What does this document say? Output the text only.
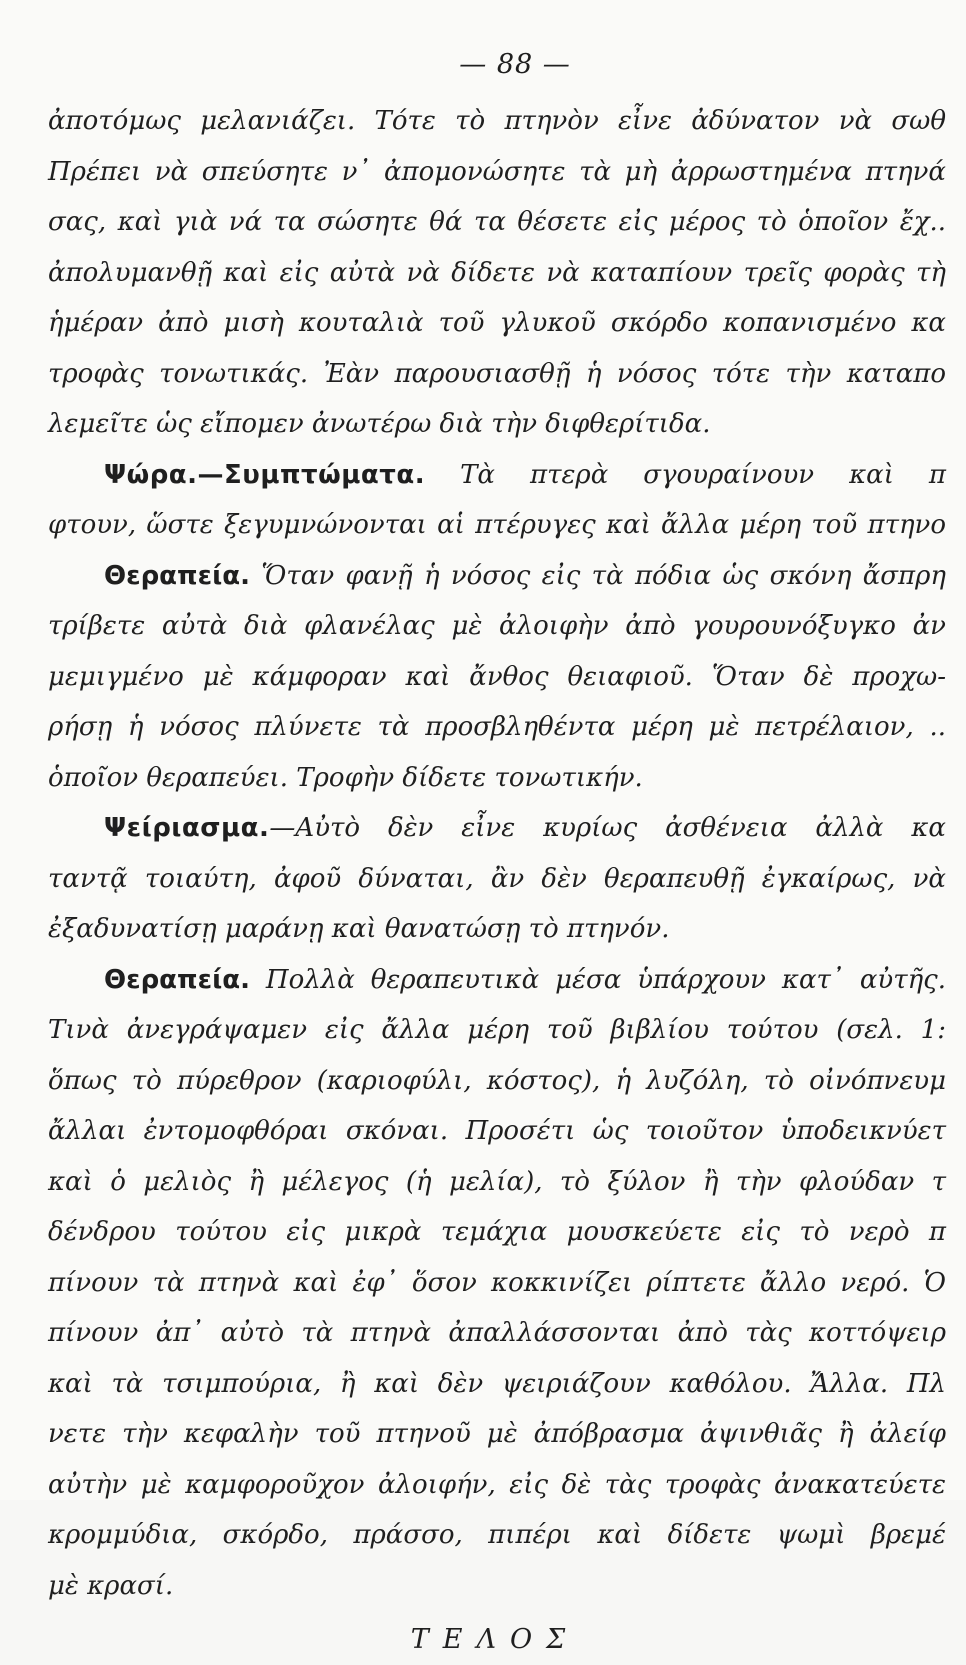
— 88 —
ἀποτόμως μελανιάζει. Τότε τὸ πτηνὸν εἶνε ἀδύνατον νὰ σωθ
Πρέπει νὰ σπεύσητε ν᾿ ἀπομονώσητε τὰ μὴ ἀρρωστημένα πτηνά
σας, καὶ γιὰ νά τα σώσητε θά τα θέσετε εἰς μέρος τὸ ὁποῖον ἔχ..
ἀπολυμανθῇ καὶ εἰς αὐτὰ νὰ δίδετε νὰ καταπίουν τρεῖς φορὰς τὴ
ἡμέραν ἀπὸ μισὴ κουταλιὰ τοῦ γλυκοῦ σκόρδο κοπανισμένο κα
τροφὰς τονωτικάς. Ἐὰν παρουσιασθῇ ἡ νόσος τότε τὴν καταπο
λεμεῖτε ὡς εἴπομεν ἀνωτέρω διὰ τὴν διφθερίτιδα.
Ψώρα.—Συμπτώματα. Τὰ πτερὰ σγουραίνουν καὶ π
φτουν, ὥστε ξεγυμνώνονται αἱ πτέρυγες καὶ ἄλλα μέρη τοῦ πτηνο
Θεραπεία. Ὅταν φανῇ ἡ νόσος εἰς τὰ πόδια ὡς σκόνη ἄσπρη
τρίβετε αὐτὰ διὰ φλανέλας μὲ ἀλοιφὴν ἀπὸ γουρουνόξυγκο ἀν
μεμιγμένο μὲ κάμφοραν καὶ ἄνθος θειαφιοῦ. Ὅταν δὲ προχω-
ρήσῃ ἡ νόσος πλύνετε τὰ προσβληθέντα μέρη μὲ πετρέλαιον, ..
ὁποῖον θεραπεύει. Τροφὴν δίδετε τονωτικήν.
Ψείριασμα.—Αὐτὸ δὲν εἶνε κυρίως ἀσθένεια ἀλλὰ κα
ταντᾷ τοιαύτη, ἀφοῦ δύναται, ἂν δὲν θεραπευθῇ ἐγκαίρως, νὰ
ἐξαδυνατίσῃ μαράνῃ καὶ θανατώσῃ τὸ πτηνόν.
Θεραπεία. Πολλὰ θεραπευτικὰ μέσα ὑπάρχουν κατ᾿ αὐτῆς.
Τινὰ ἀνεγράψαμεν εἰς ἄλλα μέρη τοῦ βιβλίου τούτου (σελ. 1:
ὅπως τὸ πύρεθρον (καριοφύλι, κόστος), ἡ λυζόλη, τὸ οἰνόπνευμ
ἄλλαι ἐντομοφθόραι σκόναι. Προσέτι ὡς τοιοῦτον ὑποδεικνύετ
καὶ ὁ μελιὸς ἢ μέλεγος (ἡ μελία), τὸ ξύλον ἢ τὴν φλούδαν τ
δένδρου τούτου εἰς μικρὰ τεμάχια μουσκεύετε εἰς τὸ νερὸ π
πίνουν τὰ πτηνὰ καὶ ἐφ᾿ ὅσον κοκκινίζει ρίπτετε ἄλλο νερό. Ὁ
πίνουν ἀπ᾿ αὐτὸ τὰ πτηνὰ ἀπαλλάσσονται ἀπὸ τὰς κοττόψειρ
καὶ τὰ τσιμπούρια, ἢ καὶ δὲν ψειριάζουν καθόλου. Ἄλλα. Πλ
νετε τὴν κεφαλὴν τοῦ πτηνοῦ μὲ ἀπόβρασμα ἀψινθιᾶς ἢ ἀλείφ
αὐτὴν μὲ καμφοροῦχον ἀλοιφήν, εἰς δὲ τὰς τροφὰς ἀνακατεύετε
κρομμύδια, σκόρδο, πράσσο, πιπέρι καὶ δίδετε ψωμὶ βρεμέ
μὲ κρασί.
ΤΕΛΟΣ
